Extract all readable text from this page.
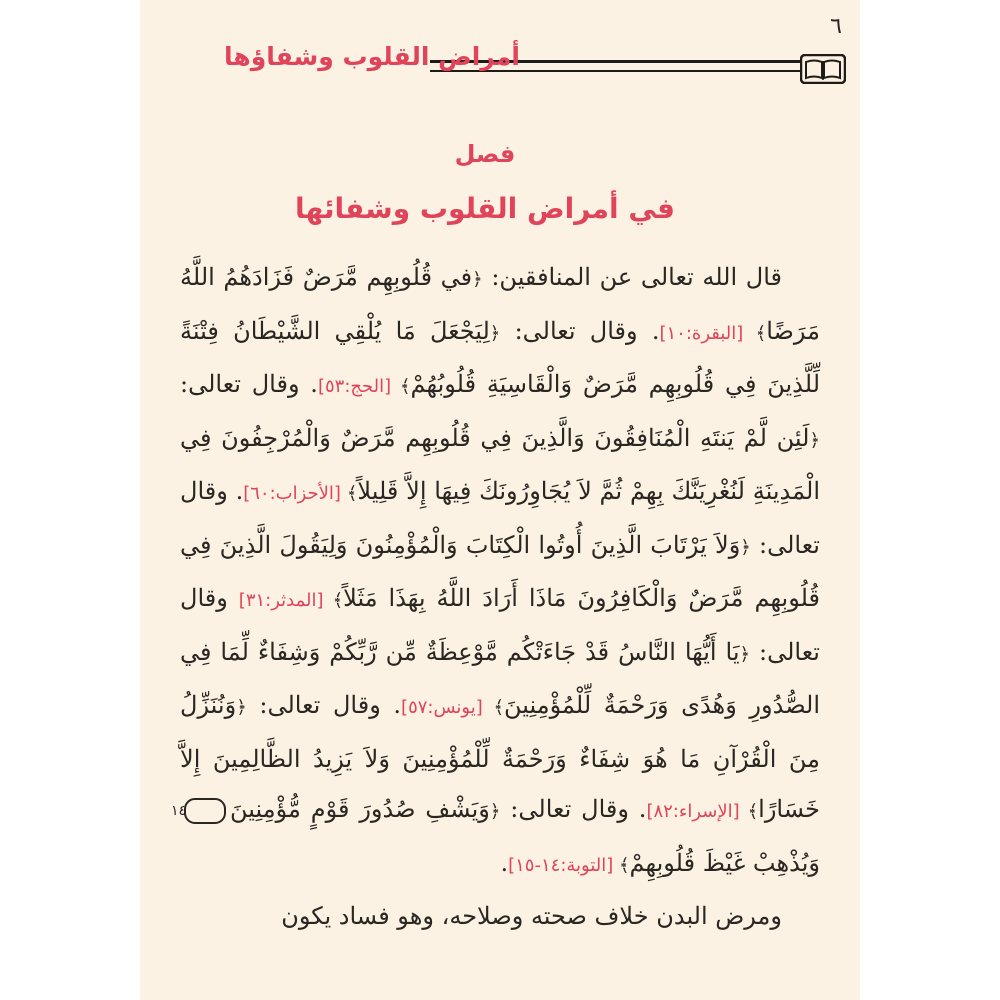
٦
أمراض القلوب وشفاؤها
فصل
في أمراض القلوب وشفائها

قال الله تعالى عن المنافقين: ﴿في قُلُوبِهِم مَّرَضٌ فَزَادَهُمُ اللَّهُ مَرَضًا﴾ [البقرة:١٠]. وقال تعالى: ﴿لِيَجْعَلَ مَا يُلْقِي الشَّيْطَانُ فِتْنَةً لِّلَّذِينَ فِي قُلُوبِهِم مَّرَضٌ وَالْقَاسِيَةِ قُلُوبُهُمْ﴾ [الحج:٥٣]. وقال تعالى: ﴿لَئِن لَّمْ يَنتَهِ الْمُنَافِقُونَ وَالَّذِينَ فِي قُلُوبِهِم مَّرَضٌ وَالْمُرْجِفُونَ فِي الْمَدِينَةِ لَنُغْرِيَنَّكَ بِهِمْ ثُمَّ لاَ يُجَاوِرُونَكَ فِيهَا إِلاَّ قَلِيلاً﴾ [الأحزاب:٦٠]. وقال تعالى: ﴿وَلاَ يَرْتَابَ الَّذِينَ أُوتُوا الْكِتَابَ وَالْمُؤْمِنُونَ وَلِيَقُولَ الَّذِينَ فِي قُلُوبِهِم مَّرَضٌ وَالْكَافِرُونَ مَاذَا أَرَادَ اللَّهُ بِهَذَا مَثَلاً﴾ [المدثر:٣١] وقال تعالى: ﴿يَا أَيُّهَا النَّاسُ قَدْ جَاءَتْكُم مَّوْعِظَةٌ مِّن رَّبِّكُمْ وَشِفَاءٌ لِّمَا فِي الصُّدُورِ وَهُدًى وَرَحْمَةٌ لِّلْمُؤْمِنِينَ﴾ [يونس:٥٧]. وقال تعالى: ﴿وَنُنَزِّلُ مِنَ الْقُرْآنِ مَا هُوَ شِفَاءٌ وَرَحْمَةٌ لِّلْمُؤْمِنِينَ وَلاَ يَزِيدُ الظَّالِمِينَ إِلاَّ خَسَارًا﴾ [الإسراء:٨٢]. وقال تعالى: ﴿وَيَشْفِ صُدُورَ قَوْمٍ مُّؤْمِنِينَ١٤وَيُذْهِبْ غَيْظَ قُلُوبِهِمْ﴾ [التوبة:١٤-١٥].

ومرض البدن خلاف صحته وصلاحه، وهو فساد يكون
